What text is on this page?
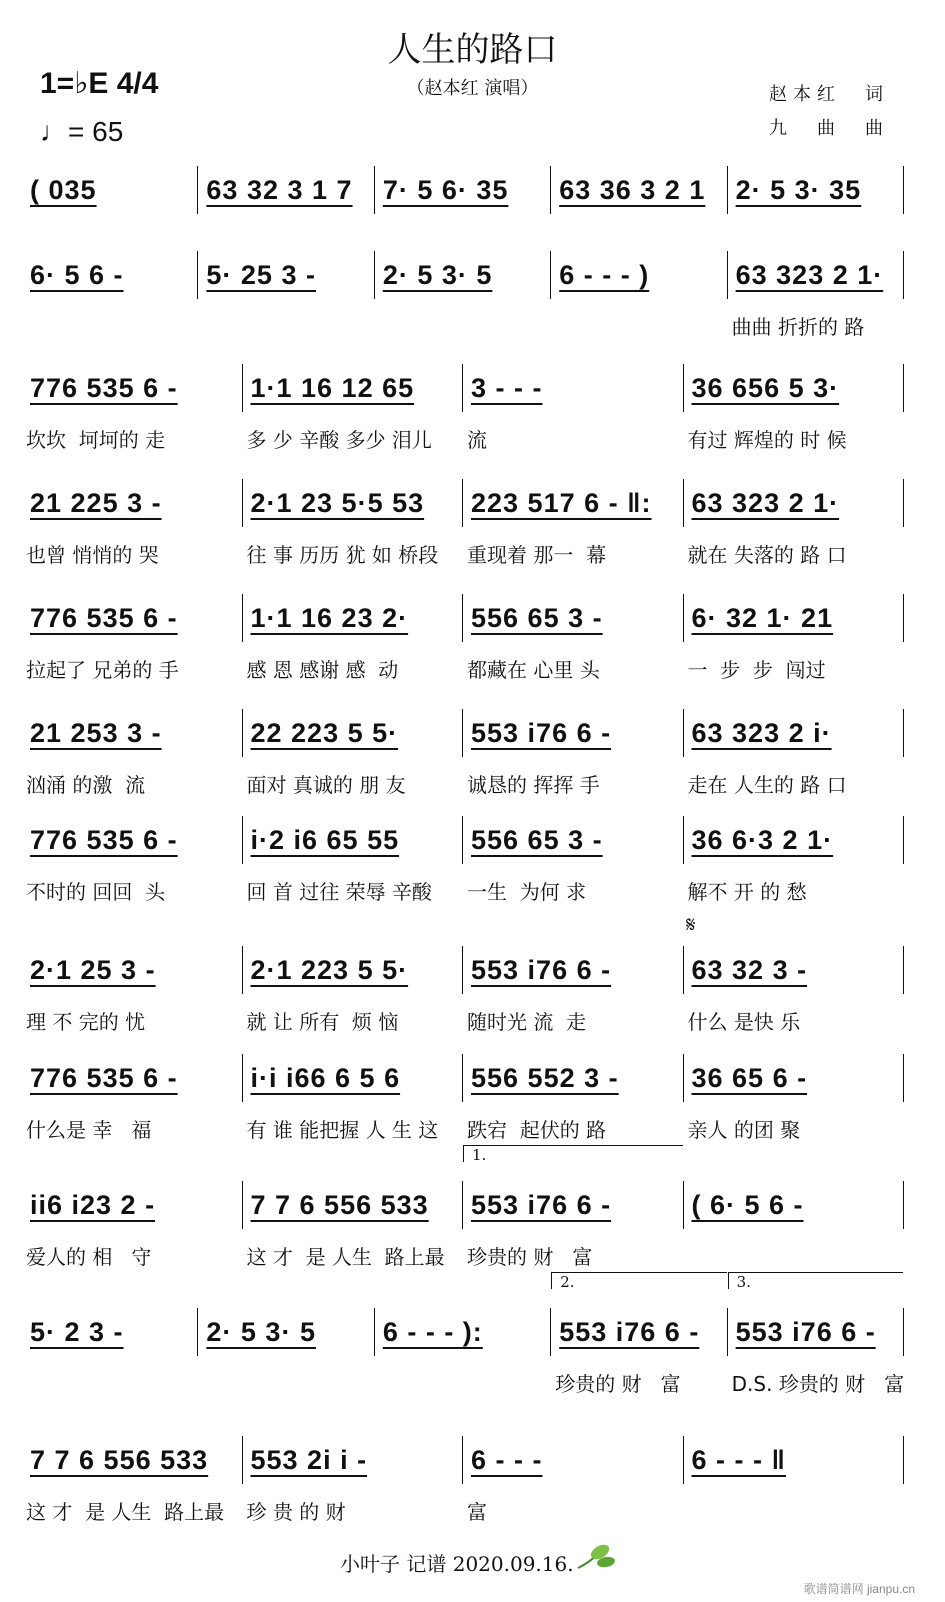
人生的路口
（赵本红 演唱）
1=♭E 4/4
♩= 65
赵本红　词
九　曲　曲
𝄋
( 035	63 32 3 1 7	7· 5 6· 35	63 36 3 2 1	2· 5 3· 35
6· 5 6 -	5· 25 3 -	2· 5 3· 5	6 - - - )	63 323 2 1·
曲曲 折折的 路
776 535 6 -
坎坎  坷坷的 走
1·1 16 12 65
多 少 辛酸 多少 泪儿
3 - - -
流
36 656 5 3·
有过 辉煌的 时 候
21 225 3 -
也曾 悄悄的 哭
2·1 23 5·5 53
往 事 历历 犹 如 桥段
223 517 6 - ‖:
重现着 那一  幕
63 323 2 1·
就在 失落的 路 口
776 535 6 -
拉起了 兄弟的 手
1·1 16 23 2·
感 恩 感谢 感  动
556 65 3 -
都藏在 心里 头
6· 32 1· 21
一  步  步  闯过
21 253 3 -
汹涌 的激  流
22 223 5 5·
面对 真诚的 朋 友
553 i76 6 -
诚恳的 挥挥 手
63 323 2 i·
走在 人生的 路 口
776 535 6 -
不时的 回回  头
i·2 i6 65 55
回 首 过往 荣辱 辛酸
556 65 3 -
一生  为何 求
36 6·3 2 1·
解不 开 的 愁
2·1 25 3 -
理 不 完的 忧
2·1 223 5 5·
就 让 所有  烦 恼
553 i76 6 -
随时光 流  走
63 32 3 -
什么 是快 乐
776 535 6 -
什么是 幸   福
i·i i66 6 5 6
有 谁 能把握 人 生 这
556 552 3 -
跌宕  起伏的 路
36 65 6 -
亲人 的团 聚
ii6 i23 2 -
爱人的 相   守
7 7 6 556 533
这 才  是 人生  路上最
553 i76 6 -
珍贵的 财   富
1.
( 6· 5 6 -
5· 2 3 -	2· 5 3· 5	6 - - - ):	553 i76 6 -
珍贵的 财   富
2.
553 i76 6 -
D.S. 珍贵的 财   富
3.
7 7 6 556 533
这 才  是 人生  路上最
553 2i i -
珍 贵 的 财
6 - - -
富
6 - - - ‖
小叶子 记谱 2020.09.16.
歌谱简谱网 jianpu.cn
